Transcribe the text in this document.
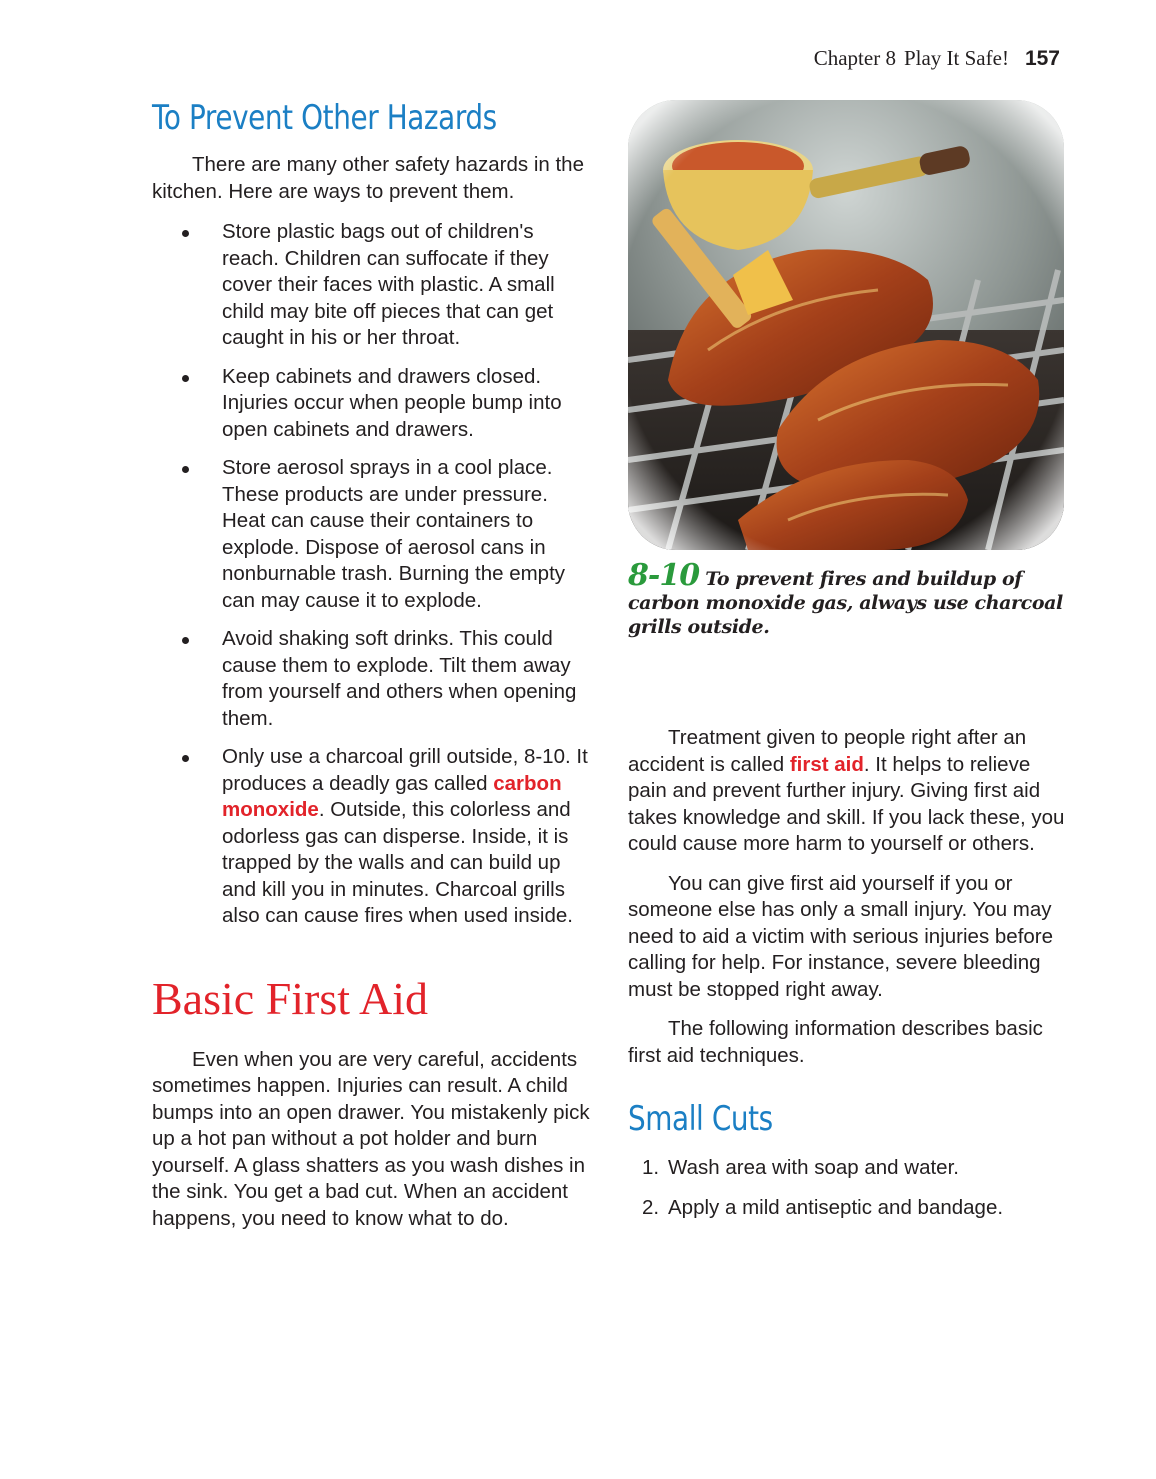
Chapter 8 Play It Safe! 157
To Prevent Other Hazards

There are many other safety hazards in the kitchen. Here are ways to prevent them.

Store plastic bags out of children's reach. Children can suffocate if they cover their faces with plastic. A small child may bite off pieces that can get caught in his or her throat.
Keep cabinets and drawers closed. Injuries occur when people bump into open cabinets and drawers.
Store aerosol sprays in a cool place. These products are under pressure. Heat can cause their containers to explode. Dispose of aerosol cans in nonburnable trash. Burning the empty can may cause it to explode.
Avoid shaking soft drinks. This could cause them to explode. Tilt them away from yourself and others when opening them.
Only use a charcoal grill outside, 8-10. It produces a deadly gas called carbon monoxide. Outside, this colorless and odorless gas can disperse. Inside, it is trapped by the walls and can build up and kill you in minutes. Charcoal grills also can cause fires when used inside.
Basic First Aid

Even when you are very careful, accidents sometimes happen. Injuries can result. A child bumps into an open drawer. You mistakenly pick up a hot pan without a pot holder and burn yourself. A glass shatters as you wash dishes in the sink. You get a bad cut. When an accident happens, you need to know what to do.

8-10 To prevent fires and buildup of carbon monoxide gas, always use charcoal grills outside.

Treatment given to people right after an accident is called first aid. It helps to relieve pain and prevent further injury. Giving first aid takes knowledge and skill. If you lack these, you could cause more harm to yourself or others.

You can give first aid yourself if you or someone else has only a small injury. You may need to aid a victim with serious injuries before calling for help. For instance, severe bleeding must be stopped right away.

The following information describes basic first aid techniques.

Small Cuts
1. Wash area with soap and water.
2. Apply a mild antiseptic and bandage.
